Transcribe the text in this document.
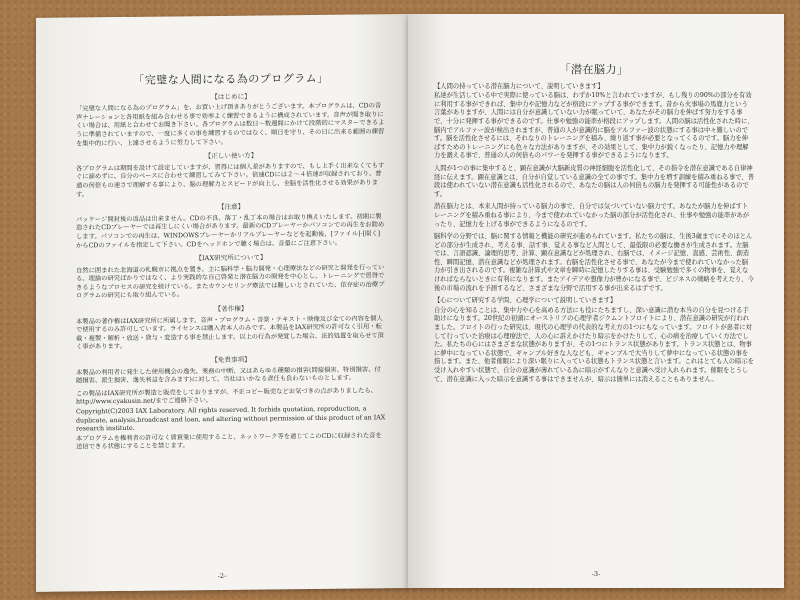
「完璧な人間になる為のプログラム」
【はじめに】

「完璧な人間になる為のプログラム」を、お買い上げ頂きありがとうございます。本プログラムは、CDの音声ナレーションと各用紙を組み合わせる事で効率よく練習できるように構成されています。音声が聞き取りにくい場合は、用紙と合わせてお聞き下さい。各プログラムは数日～数週間にかけて段階的にマスターできるように準備されていますので、一度に多くの事を練習するのではなく、順日を守り、その日に出来る範囲の練習を集中的に行い、上達させるように努力して下さい。

【正しい使い方】

各プログラムは期間を設けて設定していますが、習得には個人差がありますので、もし上手く出来なくてもすぐに諦めずに、自分のペースに合わせて練習してみて下さい。倍速CDには２～４倍速が収録されており、普通の何倍もの速さで理解する事により、脳の理解力とスピードが向上し、全脳を活性化させる効果があります。

【注意】

パッケージ開封後の返品は出来ません。CDの不良、落丁・乱丁本の場合はお取り換えいたします。初期に製造されたCDプレーヤーでは再生しにくい場合があります。最新のCDプレーヤーかパソコンでの再生をお勧めします。パソコンでの再生は、WINDOWSプレーヤーかリアルプレーヤーなどを起動後、[ファイル]-[開く]からCDのファイルを指定して下さい。CDをヘッドホンで聴く場合は、音量にご注意下さい。

【IAX研究所について】

自然に囲まれた北海道の札幌市に拠点を置き、主に脳科学・脳力開発・心理療法などの研究と開発を行っている。理論の研究ばかりではなく、より実践的な自己啓発と潜在脳力の開発を中心とし、トレーニングで習得できるようなプロセスの研究を続けている。またカウンセリング療法では難しいとされていた、依存症の治療プログラムの研究にも取り組んでいる。

【著作権】

本製品の著作権はIAX研究所に所属します。音声・プログラム・音楽・テキスト・映像及び全ての内容を個人で使用するのみ許可しています。ライセンスは購入者本人のみです。本製品をIAX研究所の許可なく引用・転載・複製・解析・放送・貸与・変造する事を禁止します。以上の行為が発覚した場合、法的処置を取らせて頂く事があります。

【免責事項】

本製品の利用者に発生した使用機会の逸失、業務の中断、又はあらゆる種類の損害(間接損害、特別損害、付随損害、派生損害、逸失利益を含みます)に対して、当社はいかなる責任も負わないものとします。

この製品はIAX研究所が製造と販売をしておりますが、不正コピー販売などお気づきの点がありましたら、http://www.cyakusin.net/までご連絡下さい。

Copyright(C)2003 IAX Laboratory. All rights reserved. It forbids quotation, reproduction, a duplicate, analysis,broadcast and loan, and altering without permission of this product of an IAX research institute.

本プログラムを権利者の許可なく賃貸業に使用すること、ネットワーク等を通じてこのCDに収録された音を送信できる状態にすることを禁じます。

-2-
「潜在脳力」

【人間の持っている潜在脳力について、説明していきます】

私達が生活している中で実際に使っている脳は、わずか10%と言われていますが、もし残りの90%の部分を有効に利用する事ができれば、集中力や記憶力などが格段にアップする事ができます。昔から火事場の馬鹿力という言葉がありますが、人間には自分が意識していない力が眠っていて、あなたがその脳力を伸ばす努力をする事で、十分に発揮する事ができるのです。仕事や勉強の能率が格段にアップします。人間の脳は活性化された時に、脳内でアルファー波が検出されますが、普通の人が意識的に脳をアルファー波の状態にする事は中々難しいのです。脳を活性化させるには、それなりのトレーニングを積み、繰り返す事が必要となってくるのです。脳力を伸ばすためのトレーニングにも色々な方法がありますが、その効果として、集中力が鋭くなったり、記憶力や理解力を鍛える事で、普通の人の何倍ものパワーを発揮する事ができるようになります。

人間が1つの事に集中すると、顕在意識が大脳新皮質の神経細胞を活性化して、その指令を潜在意識である自律神経に伝えます。顕在意識とは、自分が自覚している意識の全ての事です。集中力を増す訓練を積み重ねる事で、普段は使われていない潜在意識も活性化されるので、あなたの脳は人の何倍もの脳力を発揮する可能性があるのです。

潜在脳力とは、本来人間が持っている脳力の事で、自分では気づいていない脳力です。あなたが脳力を伸ばすトレーニングを積み重ねる事により、今まで使われていなかった脳の部分が活性化され、仕事や勉強の能率があがったり、記憶力を上げる事ができるようになるのです。

脳科学の分野では、脳に関する情報と機能の研究が進められています。私たちの脳は、生後3歳までにそのほとんどの部分が生成され、考える事、話す事、覚える事など人間として、最低限の必要な働きが生成されます。左脳では、言語認識、論理的思考、計算、顕在意識などが処理され、右脳では、イメージ記憶、直感、芸術性、創造性、瞬間記憶、潜在意識などが処理されます。右脳を活性化させる事で、あなたが今まで使われていなかった脳力が引き出されるのです。複雑な計算式や文章を瞬時に記憶したりする事は、受験勉強で多くの物事を、覚えなければならないときに有利になります。またアイデアや想像力が豊かになる事で、ビジネスの戦略を考えたり、今後の市場の流れを予測するなど、さまざまな分野で活用する事が出来るはずです。

【心について研究する学問、心理学について説明していきます】

自分の心を知ることは、集中力や心を高める方法にも役にたちますし、深い意識に潜む本当の自分を見つける手助けになります。20世紀の初頭にオーストリアの心理学者ジクムントフロイトにより、潜在意識の研究が行われました。フロイトの行った研究は、現代の心理学の代表的な考え方の1つにもなっています。フロイトが患者に対して行っていた治療は心理療法で、人の心に訴えかけたり暗示をかけたりして、心の病を治療していく方法でした。私たちの心にはさまざまな状態がありますが、その1つにトランス状態があります。トランス状態とは、物事に夢中になっている状態で、ギャンブル好きな人なども、ギャンブルで大当りして夢中になっている状態の事を指します。また、他者催眠により深い眠りに入っている状態もトランス状態と言います。これはとても人の暗示を受け入れやすい状態で、自分の意識が薄れている為に暗示がすんなりと意識へ受け入れられます。催眠をとうして、潜在意識に入った暗示を意識する事はできませんが、暗示は簡単には消えることもありません。

-3-
